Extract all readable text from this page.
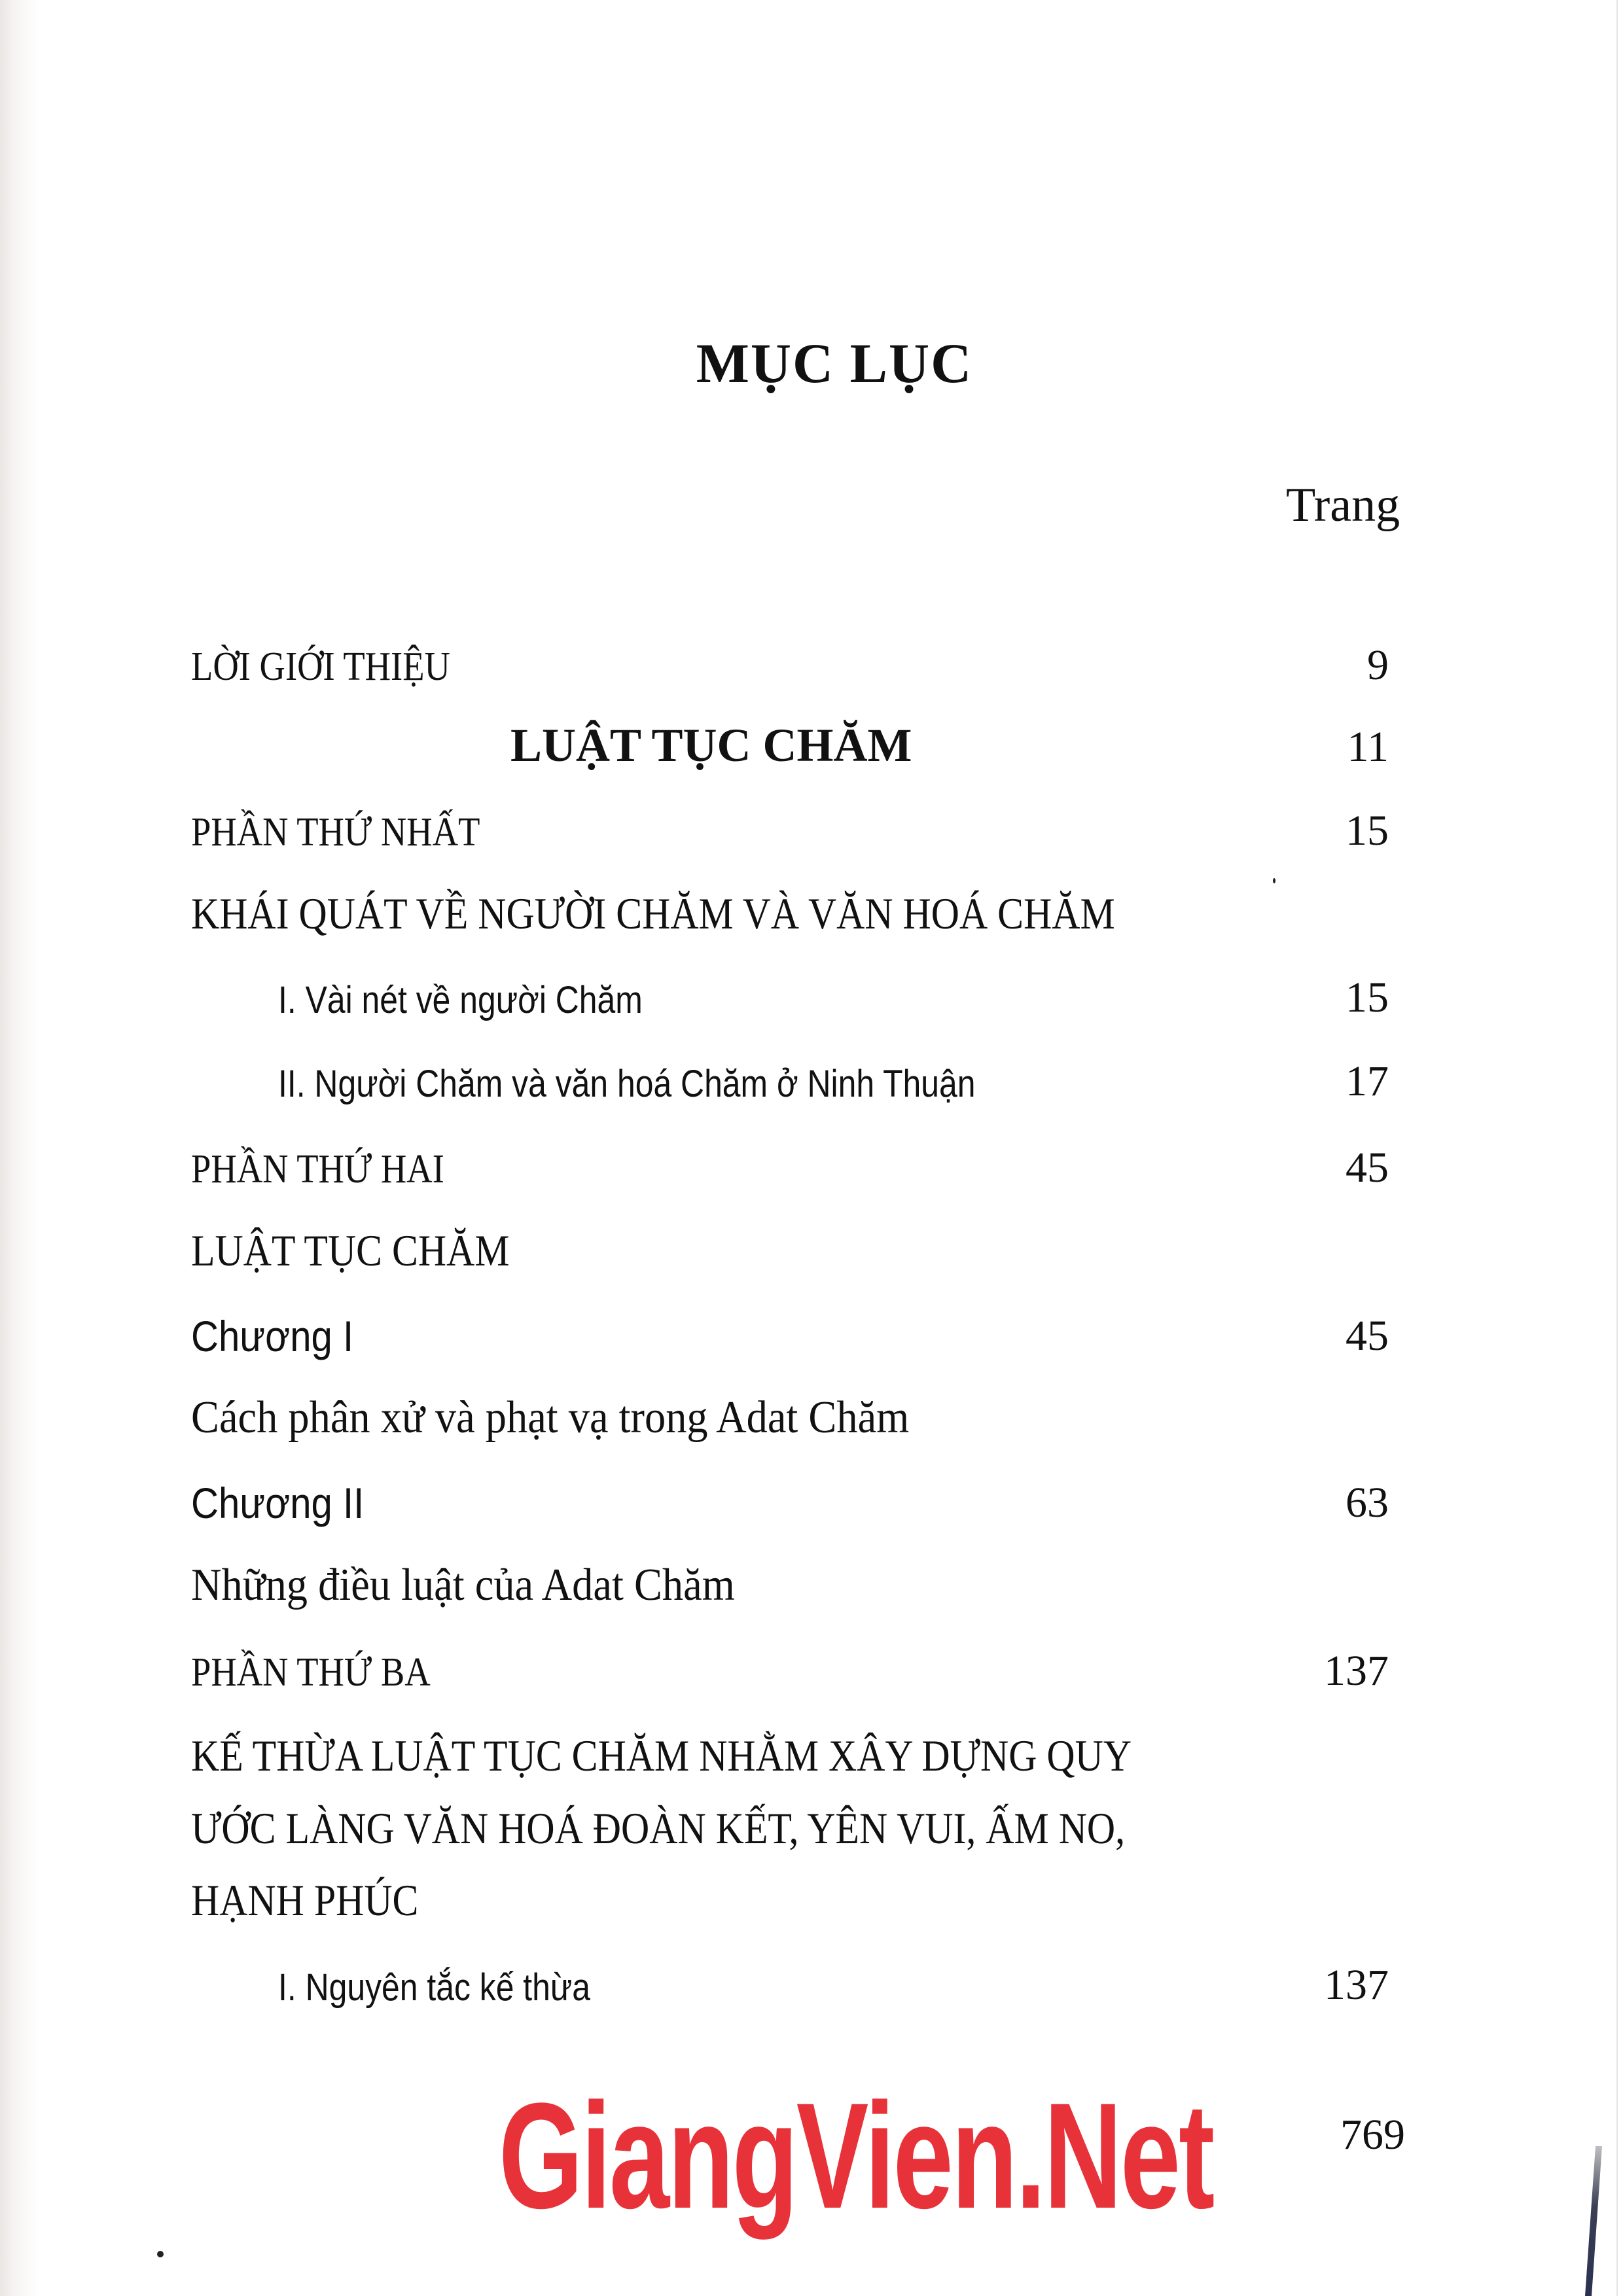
MỤC LỤC
Trang
LỜI GIỚI THIỆU	9
LUẬT TỤC CHĂM	11
PHẦN THỨ NHẤT	15
KHÁI QUÁT VỀ NGƯỜI CHĂM VÀ VĂN HOÁ CHĂM
I. Vài nét về người Chăm	15
II. Người Chăm và văn hoá Chăm ở Ninh Thuận	17
PHẦN THỨ HAI	45
LUẬT TỤC CHĂM
Chương I	45
Cách phân xử và phạt vạ trong Adat Chăm
Chương II	63
Những điều luật của Adat Chăm
PHẦN THỨ BA	137
KẾ THỪA LUẬT TỤC CHĂM NHẰM XÂY DỰNG QUY
ƯỚC LÀNG VĂN HOÁ ĐOÀN KẾT, YÊN VUI, ẤM NO,
HẠNH PHÚC
I. Nguyên tắc kế thừa	137
GiangVien.Net	769
